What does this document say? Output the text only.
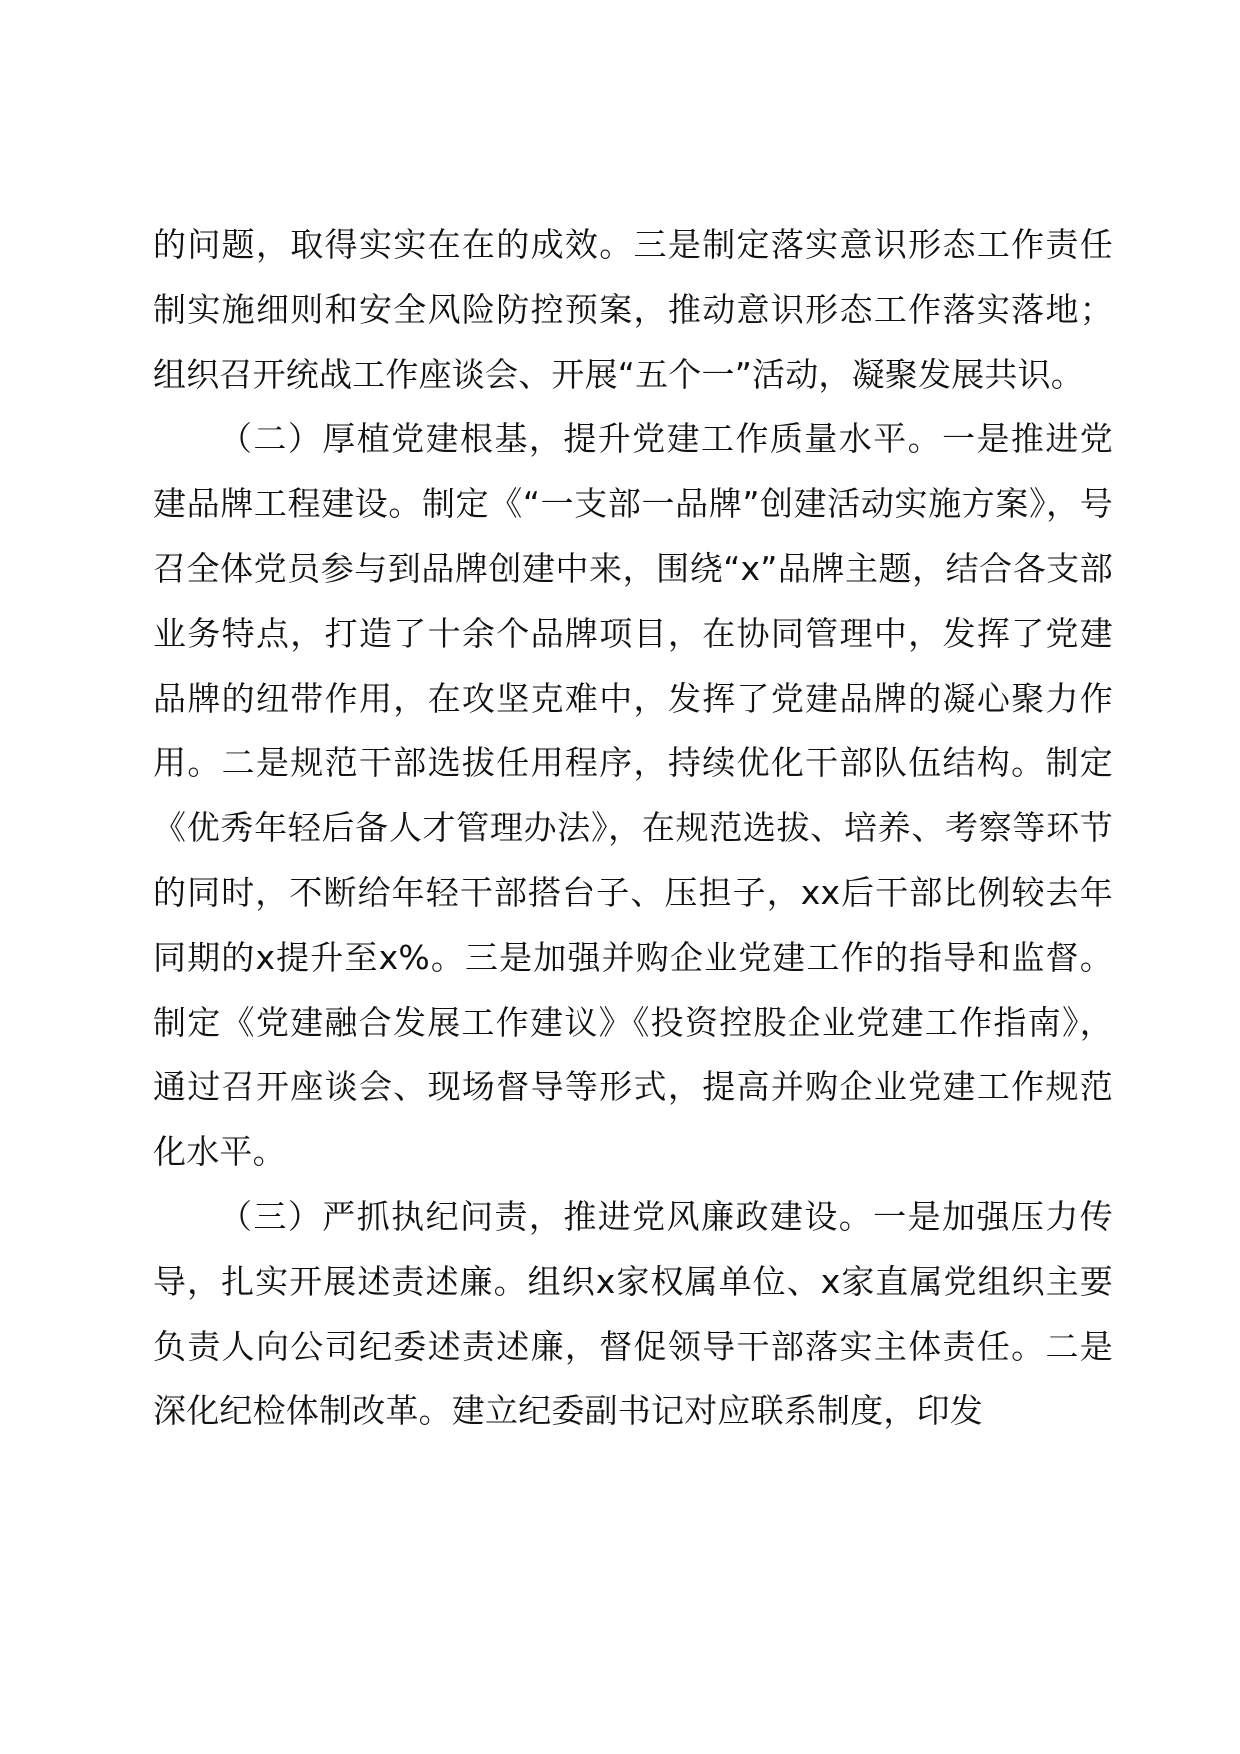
的问题，取得实实在在的成效。三是制定落实意识形态工作责任制实施细则和安全风险防控预案，推动意识形态工作落实落地；组织召开统战工作座谈会、开展“五个一”活动，凝聚发展共识。

（二）厚植党建根基，提升党建工作质量水平。一是推进党建品牌工程建设。制定《“一支部一品牌”创建活动实施方案》，号召全体党员参与到品牌创建中来，围绕“x”品牌主题，结合各支部业务特点，打造了十余个品牌项目，在协同管理中，发挥了党建品牌的纽带作用，在攻坚克难中，发挥了党建品牌的凝心聚力作用。二是规范干部选拔任用程序，持续优化干部队伍结构。制定《优秀年轻后备人才管理办法》，在规范选拔、培养、考察等环节的同时，不断给年轻干部搭台子、压担子，xx后干部比例较去年同期的x提升至x%。三是加强并购企业党建工作的指导和监督。制定《党建融合发展工作建议》《投资控股企业党建工作指南》，通过召开座谈会、现场督导等形式，提高并购企业党建工作规范化水平。

（三）严抓执纪问责，推进党风廉政建设。一是加强压力传导，扎实开展述责述廉。组织x家权属单位、x家直属党组织主要负责人向公司纪委述责述廉，督促领导干部落实主体责任。二是深化纪检体制改革。建立纪委副书记对应联系制度，印发
